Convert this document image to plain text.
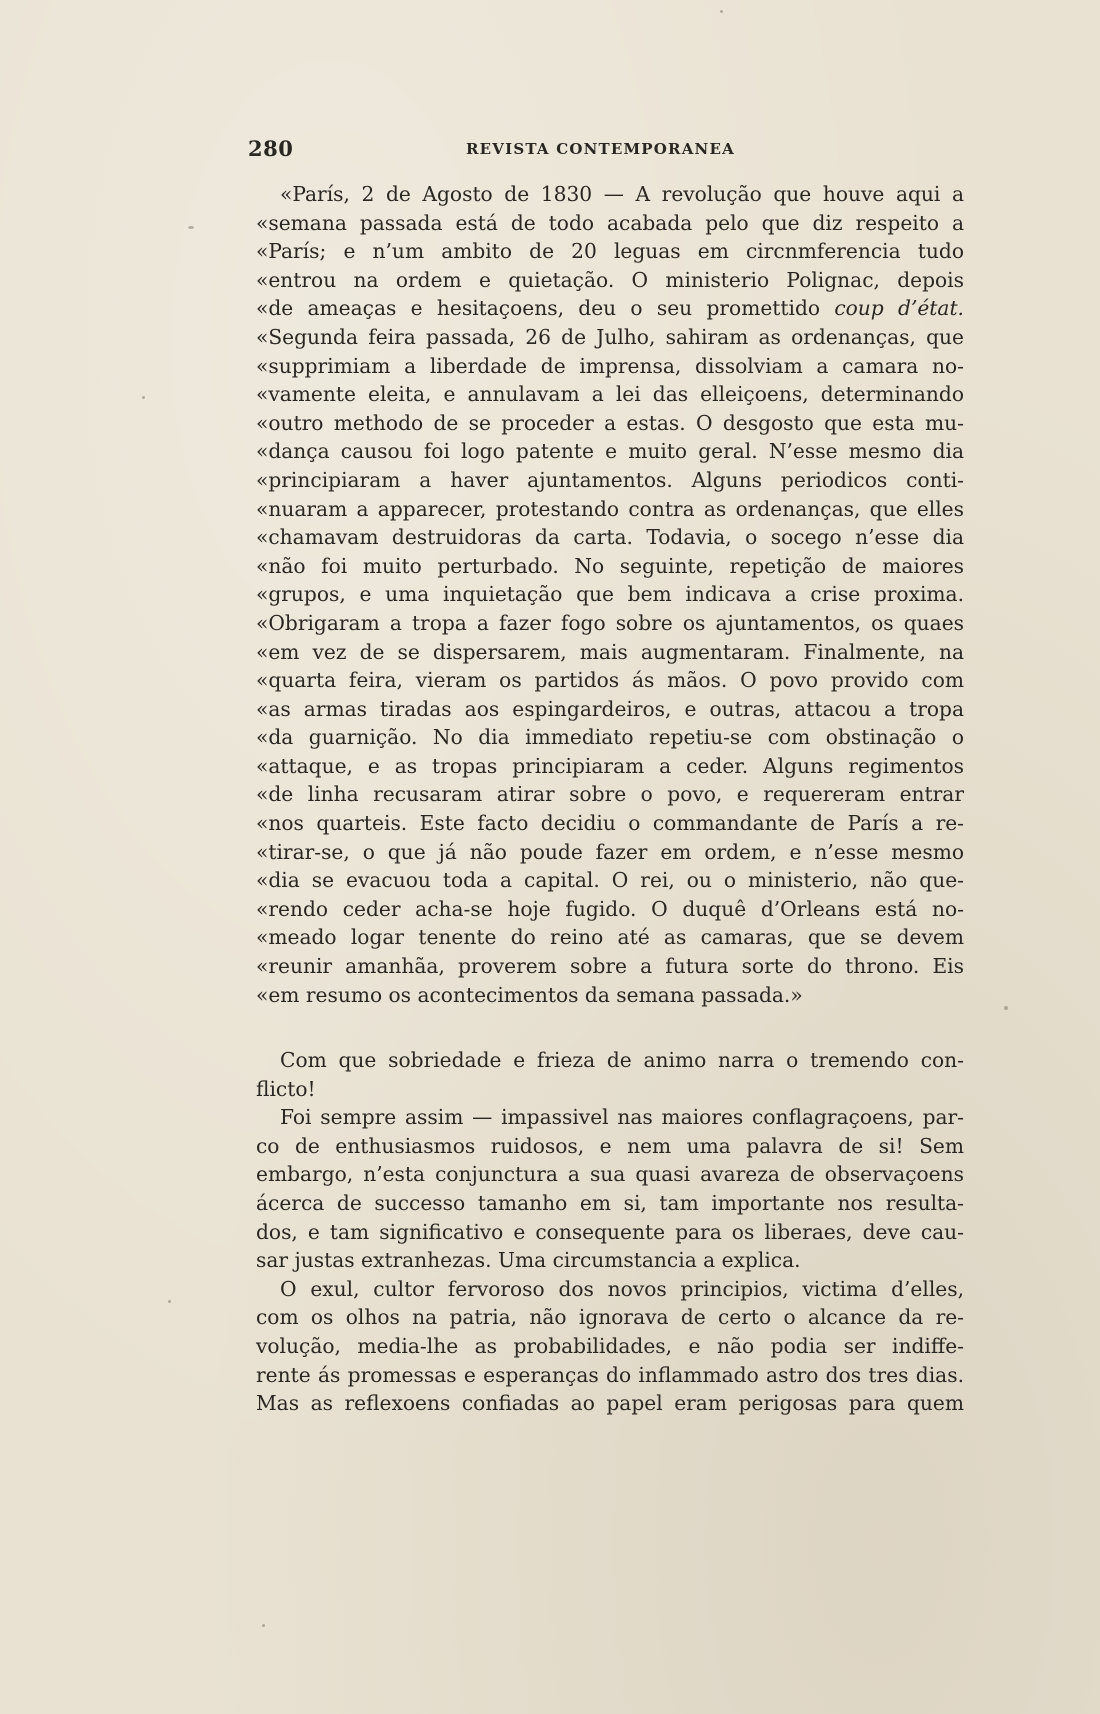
280	REVISTA CONTEMPORANEA
«París, 2 de Agosto de 1830 — A revolução que houve aqui a
«semana passada está de todo acabada pelo que diz respeito a
«París; e n’um ambito de 20 leguas em circnmferencia tudo
«entrou na ordem e quietação. O ministerio Polignac, depois
«de ameaças e hesitaçoens, deu o seu promettido coup d’état.
«Segunda feira passada, 26 de Julho, sahiram as ordenanças, que
«supprimiam a liberdade de imprensa, dissolviam a camara no-
«vamente eleita, e annulavam a lei das elleiçoens, determinando
«outro methodo de se proceder a estas. O desgosto que esta mu-
«dança causou foi logo patente e muito geral. N’esse mesmo dia
«principiaram a haver ajuntamentos. Alguns periodicos conti-
«nuaram a apparecer, protestando contra as ordenanças, que elles
«chamavam destruidoras da carta. Todavia, o socego n’esse dia
«não foi muito perturbado. No seguinte, repetição de maiores
«grupos, e uma inquietação que bem indicava a crise proxima.
«Obrigaram a tropa a fazer fogo sobre os ajuntamentos, os quaes
«em vez de se dispersarem, mais augmentaram. Finalmente, na
«quarta feira, vieram os partidos ás mãos. O povo provido com
«as armas tiradas aos espingardeiros, e outras, attacou a tropa
«da guarnição. No dia immediato repetiu-se com obstinação o
«attaque, e as tropas principiaram a ceder. Alguns regimentos
«de linha recusaram atirar sobre o povo, e requereram entrar
«nos quarteis. Este facto decidiu o commandante de París a re-
«tirar-se, o que já não poude fazer em ordem, e n’esse mesmo
«dia se evacuou toda a capital. O rei, ou o ministerio, não que-
«rendo ceder acha-se hoje fugido. O duquê d’Orleans está no-
«meado logar tenente do reino até as camaras, que se devem
«reunir amanhãa, proverem sobre a futura sorte do throno. Eis
«em resumo os acontecimentos da semana passada.»
Com que sobriedade e frieza de animo narra o tremendo con-
flicto!
Foi sempre assim — impassivel nas maiores conflagraçoens, par-
co de enthusiasmos ruidosos, e nem uma palavra de si! Sem
embargo, n’esta conjunctura a sua quasi avareza de observaçoens
ácerca de successo tamanho em si, tam importante nos resulta-
dos, e tam significativo e consequente para os liberaes, deve cau-
sar justas extranhezas. Uma circumstancia a explica.
O exul, cultor fervoroso dos novos principios, victima d’elles,
com os olhos na patria, não ignorava de certo o alcance da re-
volução, media-lhe as probabilidades, e não podia ser indiffe-
rente ás promessas e esperanças do inflammado astro dos tres dias.
Mas as reflexoens confiadas ao papel eram perigosas para quem
